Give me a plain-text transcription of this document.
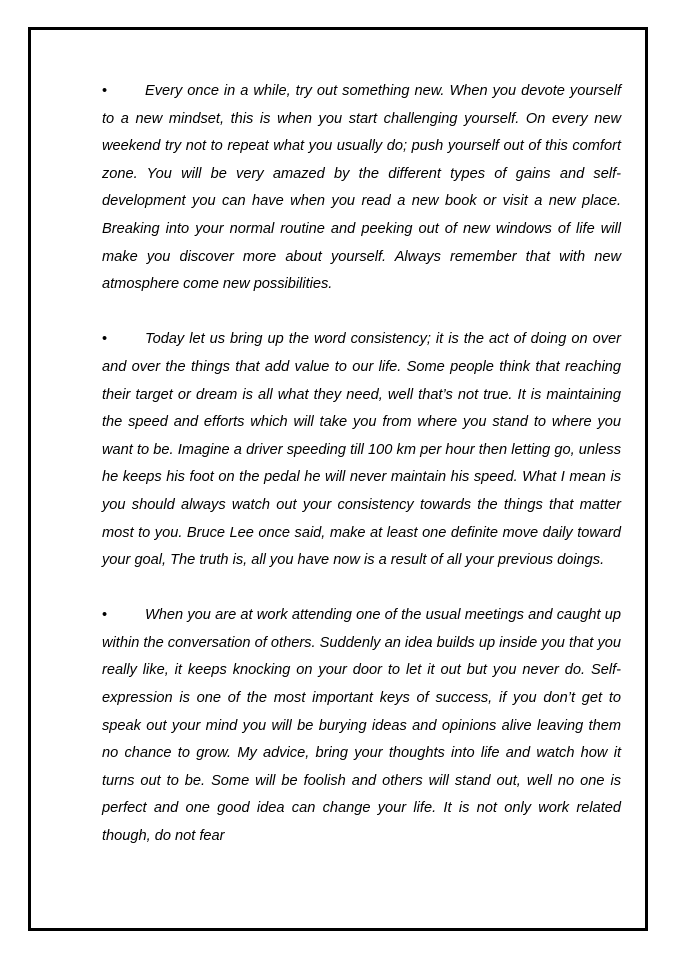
•	Every once in a while, try out something new. When you devote yourself to a new mindset, this is when you start challenging yourself. On every new weekend try not to repeat what you usually do; push yourself out of this comfort zone. You will be very amazed by the different types of gains and self-development you can have when you read a new book or visit a new place. Breaking into your normal routine and peeking out of new windows of life will make you discover more about yourself. Always remember that with new atmosphere come new possibilities.

•	Today let us bring up the word consistency; it is the act of doing on over and over the things that add value to our life. Some people think that reaching their target or dream is all what they need, well that’s not true. It is maintaining the speed and efforts which will take you from where you stand to where you want to be. Imagine a driver speeding till 100 km per hour then letting go, unless he keeps his foot on the pedal he will never maintain his speed. What I mean is you should always watch out your consistency towards the things that matter most to you. Bruce Lee once said, make at least one definite move daily toward your goal, The truth is, all you have now is a result of all your previous doings.

•	When you are at work attending one of the usual meetings and caught up within the conversation of others. Suddenly an idea builds up inside you that you really like, it keeps knocking on your door to let it out but you never do. Self-expression is one of the most important keys of success, if you don’t get to speak out your mind you will be burying ideas and opinions alive leaving them no chance to grow. My advice, bring your thoughts into life and watch how it turns out to be. Some will be foolish and others will stand out, well no one is perfect and one good idea can change your life. It is not only work related though, do not fear
